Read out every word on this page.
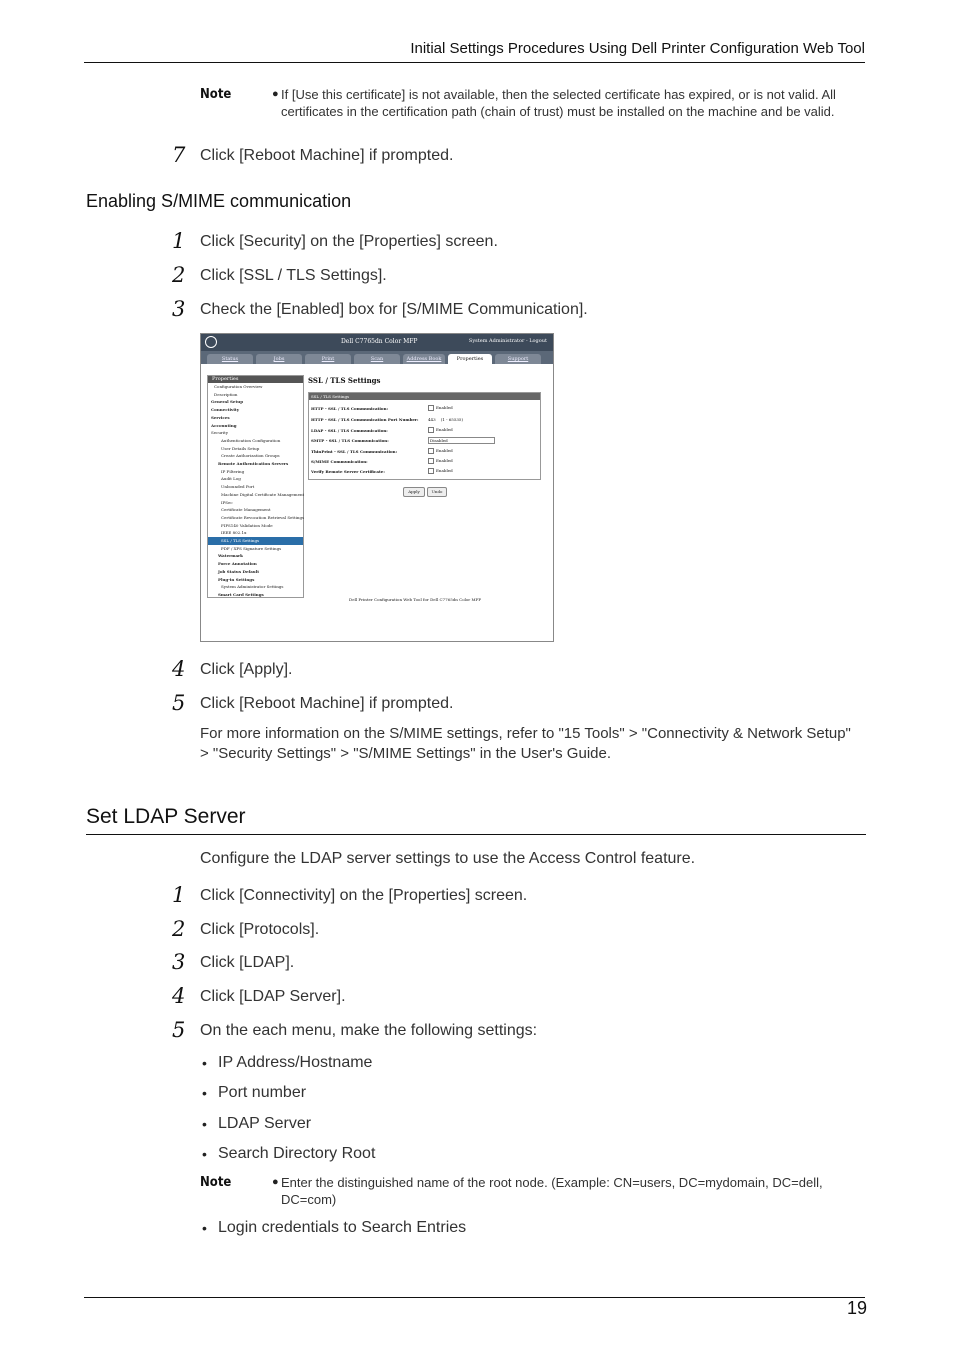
Initial Settings Procedures Using Dell Printer Configuration Web Tool
Note	● If [Use this certificate] is not available, then the selected certificate has expired, or is not valid. All certificates in the certification path (chain of trust) must be installed on the machine and be valid.
7 Click [Reboot Machine] if prompted.
Enabling S/MIME communication
1 Click [Security] on the [Properties] screen.
2 Click [SSL / TLS Settings].
3 Check the [Enabled] box for [S/MIME Communication].
Dell C7765dn Color MFP	System Administrator - Logout
Status	Jobs	Print	Scan	Address Book	Properties	Support
Properties
Configuration Overview
Description
General Setup
Connectivity
Services
Accounting
Security
Authentication Configuration
User Details Setup
Create Authorization Groups
Remote Authentication Servers
IP Filtering
Audit Log
Unbounded Port
Machine Digital Certificate Management
IPSec
Certificate Management
Certificate Revocation Retrieval Settings
FIPS140 Validation Mode
IEEE 802.1x
SSL / TLS Settings
PDF / XPS Signature Settings
Watermark
Force Annotation
Job Status Default
Plug-in Settings
System Administrator Settings
Smart Card Settings
SSL / TLS Settings
SSL / TLS Settings
HTTP - SSL / TLS Communication:	Enabled
HTTP - SSL / TLS Communication Port Number: 443 (1 - 65535)
LDAP - SSL / TLS Communication:	Enabled
SMTP - SSL / TLS Communication:	Disabled
ThinPrint - SSL / TLS Communication:	Enabled
S/MIME Communication:	Enabled
Verify Remote Server Certificate:	Enabled
Apply	Undo
Dell Printer Configuration Web Tool for Dell C7765dn Color MFP
4 Click [Apply].
5 Click [Reboot Machine] if prompted.
For more information on the S/MIME settings, refer to "15 Tools" > "Connectivity & Network Setup" > "Security Settings" > "S/MIME Settings" in the User's Guide.
Set LDAP Server
Configure the LDAP server settings to use the Access Control feature.
1 Click [Connectivity] on the [Properties] screen.
2 Click [Protocols].
3 Click [LDAP].
4 Click [LDAP Server].
5 On the each menu, make the following settings:
• IP Address/Hostname
• Port number
• LDAP Server
• Search Directory Root
Note	● Enter the distinguished name of the root node. (Example: CN=users, DC=mydomain, DC=dell, DC=com)
• Login credentials to Search Entries
19
